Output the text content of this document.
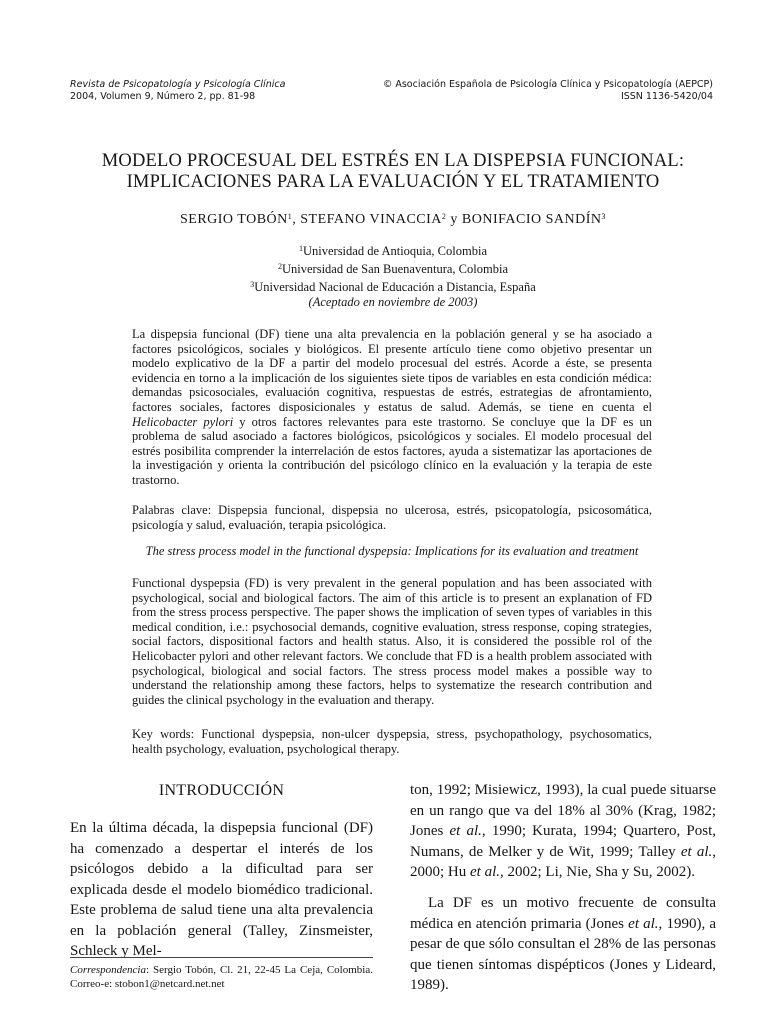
Revista de Psicopatología y Psicología Clínica
2004, Volumen 9, Número 2, pp. 81-98
© Asociación Española de Psicología Clínica y Psicopatología (AEPCP)
ISSN 1136-5420/04
MODELO PROCESUAL DEL ESTRÉS EN LA DISPEPSIA FUNCIONAL:
IMPLICACIONES PARA LA EVALUACIÓN Y EL TRATAMIENTO
SERGIO TOBÓN$^1$, STEFANO VINACCIA$^2$ y BONIFACIO SANDÍN$^3$
$^1$Universidad de Antioquia, Colombia
$^2$Universidad de San Buenaventura, Colombia
$^3$Universidad Nacional de Educación a Distancia, España
(Aceptado en noviembre de 2003)

La dispepsia funcional (DF) tiene una alta prevalencia en la población general y se ha asociado a factores psicológicos, sociales y biológicos. El presente artículo tiene como objetivo presentar un modelo explicativo de la DF a partir del modelo procesual del estrés. Acorde a éste, se presenta evidencia en torno a la implicación de los siguientes siete tipos de variables en esta condición médica: demandas psicosociales, evaluación cognitiva, respuestas de estrés, estrategias de afrontamiento, factores sociales, factores disposicionales y estatus de salud. Además, se tiene en cuenta el Helicobacter pylori y otros factores relevantes para este trastorno. Se concluye que la DF es un problema de salud asociado a factores biológicos, psicológicos y sociales. El modelo procesual del estrés posibilita comprender la interrelación de estos factores, ayuda a sistematizar las aportaciones de la investigación y orienta la contribución del psicólogo clínico en la evaluación y la terapia de este trastorno.

Palabras clave: Dispepsia funcional, dispepsia no ulcerosa, estrés, psicopatología, psicosomática, psicología y salud, evaluación, terapia psicológica.

The stress process model in the functional dyspepsia: Implications for its evaluation and treatment

Functional dyspepsia (FD) is very prevalent in the general population and has been associated with psychological, social and biological factors. The aim of this article is to present an explanation of FD from the stress process perspective. The paper shows the implication of seven types of variables in this medical condition, i.e.: psychosocial demands, cognitive evaluation, stress response, coping strategies, social factors, dispositional factors and health status. Also, it is considered the possible rol of the Helicobacter pylori and other relevant factors. We conclude that FD is a health problem associated with psychological, biological and social factors. The stress process model makes a possible way to understand the relationship among these factors, helps to systematize the research contribution and guides the clinical psychology in the evaluation and therapy.

Key words: Functional dyspepsia, non-ulcer dyspepsia, stress, psychopathology, psychosomatics, health psychology, evaluation, psychological therapy.

INTRODUCCIÓN

En la última década, la dispepsia funcional (DF) ha comenzado a despertar el interés de los psicólogos debido a la dificultad para ser explicada desde el modelo biomédico tradicional. Este problema de salud tiene una alta prevalencia en la población general (Talley, Zinsmeister, Schleck y Mel-

Correspondencia: Sergio Tobón, Cl. 21, 22-45 La Ceja, Colombia. Correo-e: stobon1@netcard.net.net

ton, 1992; Misiewicz, 1993), la cual puede situarse en un rango que va del 18% al 30% (Krag, 1982; Jones et al., 1990; Kurata, 1994; Quartero, Post, Numans, de Melker y de Wit, 1999; Talley et al., 2000; Hu et al., 2002; Li, Nie, Sha y Su, 2002).

La DF es un motivo frecuente de consulta médica en atención primaria (Jones et al., 1990), a pesar de que sólo consultan el 28% de las personas que tienen síntomas dispépticos (Jones y Lideard, 1989).
